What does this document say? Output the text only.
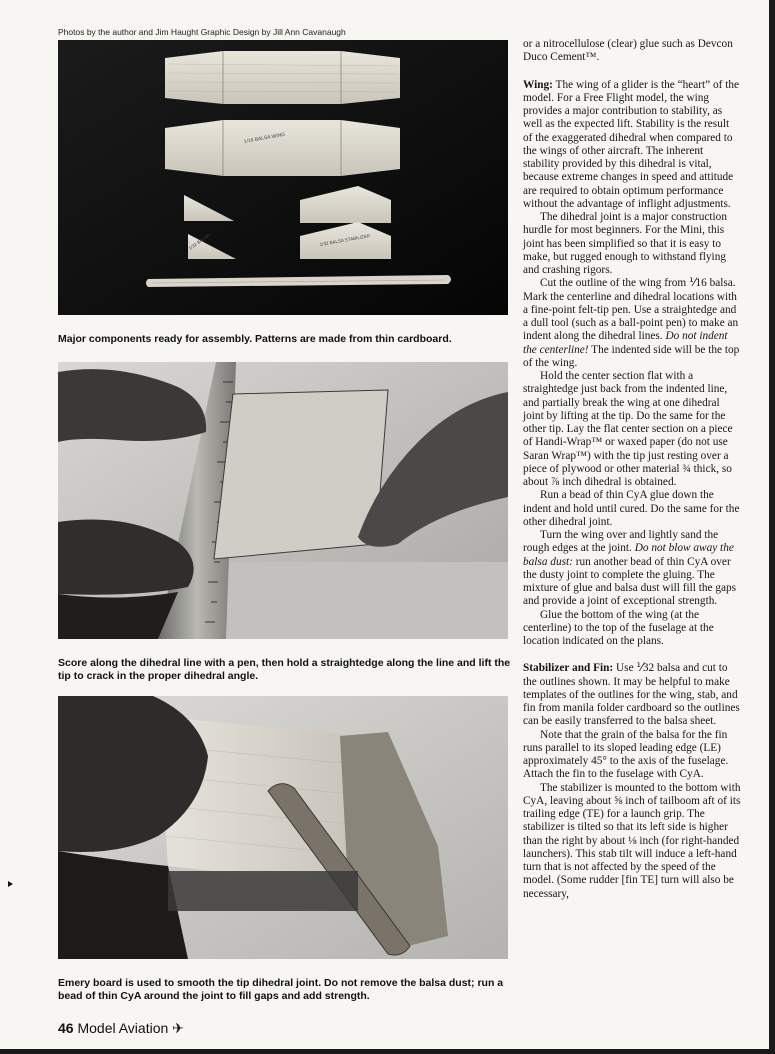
Photos by the author and Jim Haught Graphic Design by Jill Ann Cavanaugh
1/16 BALSA WING
1/32 BALSA	1/32 BALSA STABILIZER
Major components ready for assembly. Patterns are made from thin cardboard.
Score along the dihedral line with a pen, then hold a straightedge along the line and lift the tip to crack in the proper dihedral angle.
Emery board is used to smooth the tip dihedral joint. Do not remove the balsa dust; run a bead of thin CyA around the joint to fill gaps and add strength.

or a nitrocellulose (clear) glue such as Devcon Duco Cement™.

Wing: The wing of a glider is the “heart” of the model. For a Free Flight model, the wing provides a major contribution to stability, as well as the expected lift. Stability is the result of the exaggerated dihedral when compared to the wings of other aircraft. The inherent stability provided by this dihedral is vital, because extreme changes in speed and attitude are required to obtain optimum performance without the advantage of inflight adjustments.

The dihedral joint is a major construction hurdle for most beginners. For the Mini, this joint has been simplified so that it is easy to make, but rugged enough to withstand flying and crashing rigors.

Cut the outline of the wing from ⅟16 balsa. Mark the centerline and dihedral locations with a fine-point felt-tip pen. Use a straightedge and a dull tool (such as a ball-point pen) to make an indent along the dihedral lines. Do not indent the centerline! The indented side will be the top of the wing.

Hold the center section flat with a straightedge just back from the indented line, and partially break the wing at one dihedral joint by lifting at the tip. Do the same for the other tip. Lay the flat center section on a piece of Handi-Wrap™ or waxed paper (do not use Saran Wrap™) with the tip just resting over a piece of plywood or other material ¾ thick, so about ⅞ inch dihedral is obtained.

Run a bead of thin CyA glue down the indent and hold until cured. Do the same for the other dihedral joint.

Turn the wing over and lightly sand the rough edges at the joint. Do not blow away the balsa dust: run another bead of thin CyA over the dusty joint to complete the gluing. The mixture of glue and balsa dust will fill the gaps and provide a joint of exceptional strength.

Glue the bottom of the wing (at the centerline) to the top of the fuselage at the location indicated on the plans.

Stabilizer and Fin: Use ⅟32 balsa and cut to the outlines shown. It may be helpful to make templates of the outlines for the wing, stab, and fin from manila folder cardboard so the outlines can be easily transferred to the balsa sheet.

Note that the grain of the balsa for the fin runs parallel to its sloped leading edge (LE) approximately 45° to the axis of the fuselage. Attach the fin to the fuselage with CyA.

The stabilizer is mounted to the bottom with CyA, leaving about ⅝ inch of tailboom aft of its trailing edge (TE) for a launch grip. The stabilizer is tilted so that its left side is higher than the right by about ⅛ inch (for right-handed launchers). This stab tilt will induce a left-hand turn that is not affected by the speed of the model. (Some rudder [fin TE] turn will also be necessary,

46 Model Aviation ✈
